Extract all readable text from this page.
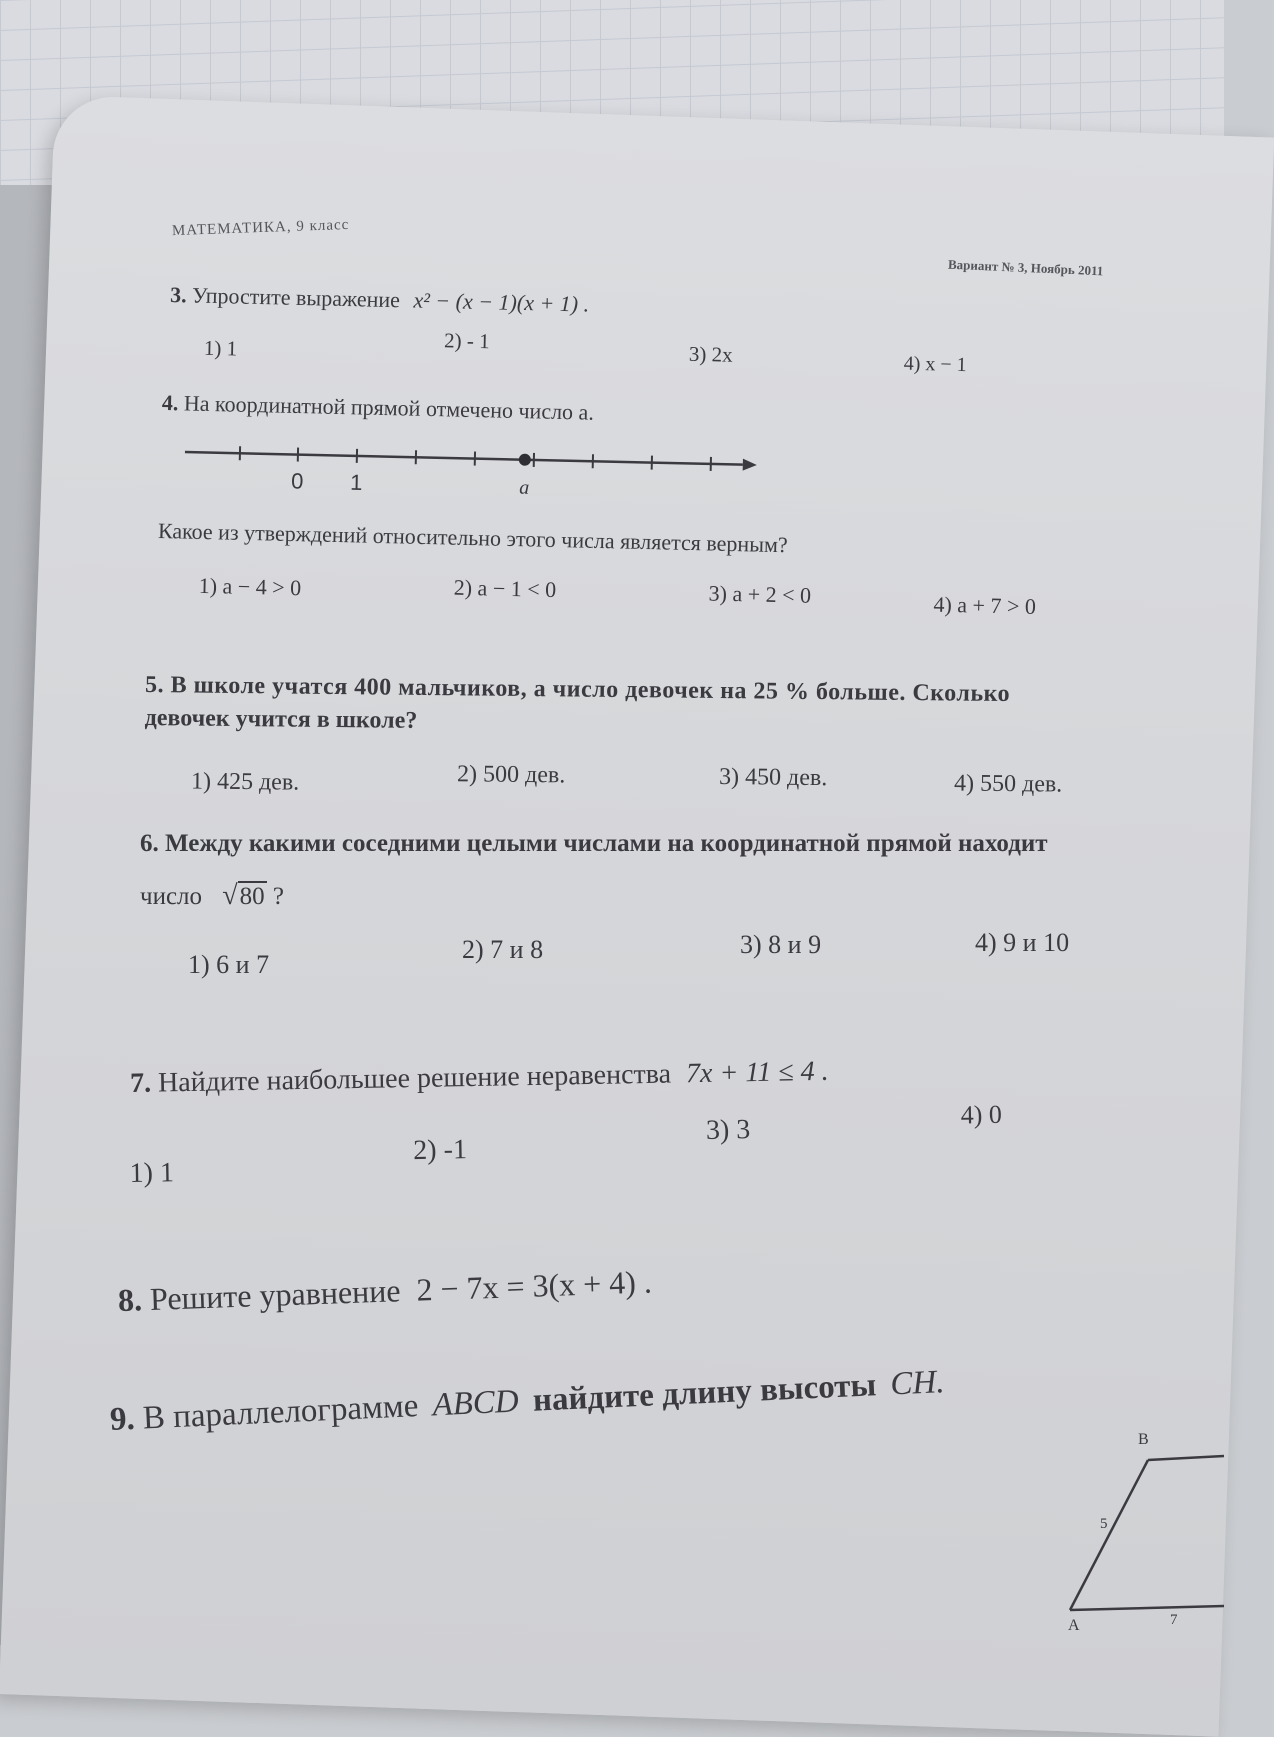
МАТЕМАТИКА, 9 класс
Вариант № 3, Ноябрь 2011
3. Упростите выражение x² − (x − 1)(x + 1) .
1) 1	2) - 1
3) 2x	4) x − 1
4. На координатной прямой отмечено число a.
0 1	a
Какое из утверждений относительно этого числа является верным?
1) a − 4 > 0	2) a − 1 < 0	3) a + 2 < 0	4) a + 7 > 0
5. В школе учатся 400 мальчиков, а число девочек на 25 % больше. Сколько
девочек учится в школе?
1) 425 дев.	2) 500 дев.	3) 450 дев.	4) 550 дев.
6. Между какими соседними целыми числами на координатной прямой находит
число √80 ?
1) 6 и 7
2) 7 и 8	3) 8 и 9	4) 9 и 10
7. Найдите наибольшее решение неравенства 7x + 11 ≤ 4 .
1) 1
2) -1
3) 3	4) 0
8. Решите уравнение 2 − 7x = 3(x + 4) .
9. В параллелограмме ABCD найдите длину высоты CH.
B
5
A	7
